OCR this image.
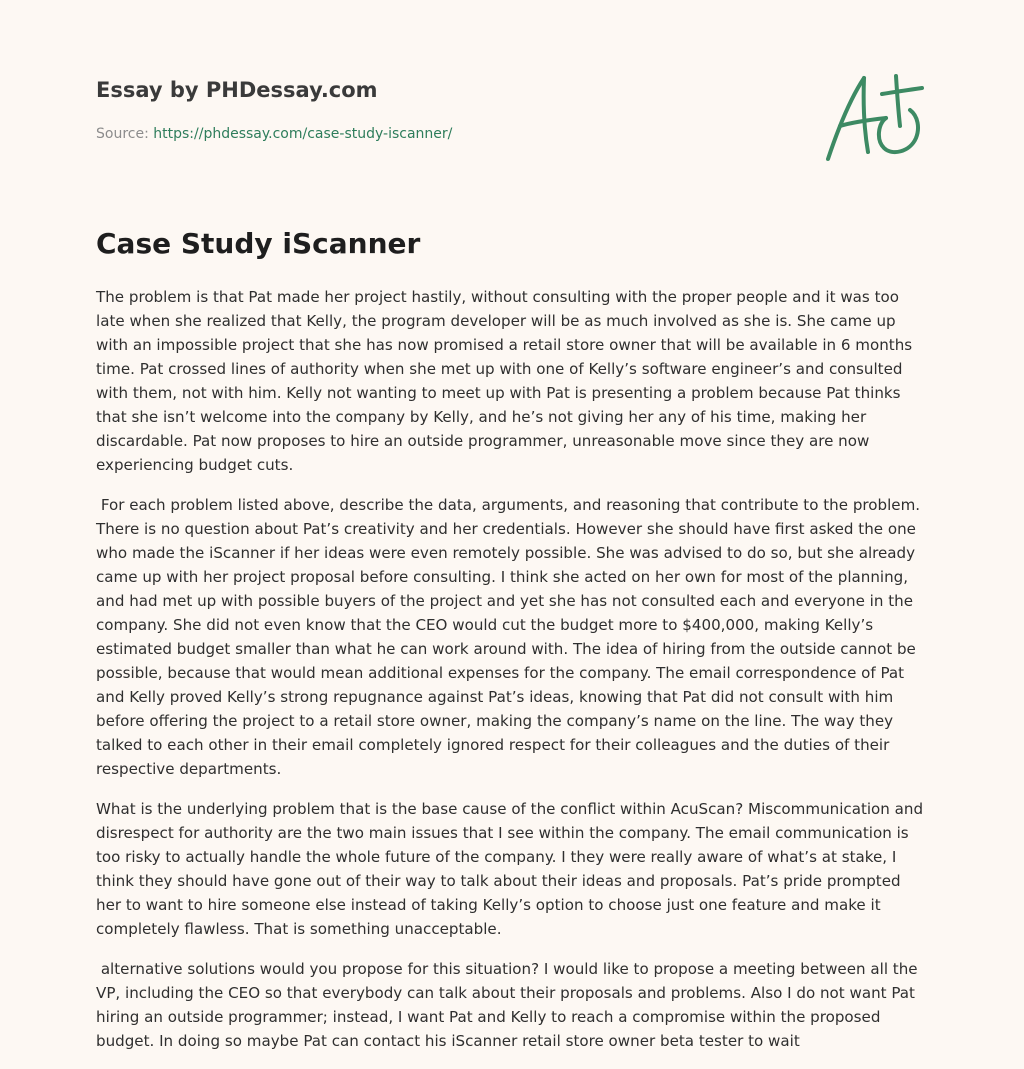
Essay by PHDessay.com
Source: https://phdessay.com/case-study-iscanner/
Case Study iScanner

The problem is that Pat made her project hastily, without consulting with the proper people and it was too late when she realized that Kelly, the program developer will be as much involved as she is. She came up with an impossible project that she has now promised a retail store owner that will be available in 6 months time. Pat crossed lines of authority when she met up with one of Kelly’s software engineer’s and consulted with them, not with him. Kelly not wanting to meet up with Pat is presenting a problem because Pat thinks that she isn’t welcome into the company by Kelly, and he’s not giving her any of his time, making her discardable. Pat now proposes to hire an outside programmer, unreasonable move since they are now experiencing budget cuts.

For each problem listed above, describe the data, arguments, and reasoning that contribute to the problem. There is no question about Pat’s creativity and her credentials. However she should have first asked the one who made the iScanner if her ideas were even remotely possible. She was advised to do so, but she already came up with her project proposal before consulting. I think she acted on her own for most of the planning, and had met up with possible buyers of the project and yet she has not consulted each and everyone in the company. She did not even know that the CEO would cut the budget more to $400,000, making Kelly’s estimated budget smaller than what he can work around with. The idea of hiring from the outside cannot be possible, because that would mean additional expenses for the company. The email correspondence of Pat and Kelly proved Kelly’s strong repugnance against Pat’s ideas, knowing that Pat did not consult with him before offering the project to a retail store owner, making the company’s name on the line. The way they talked to each other in their email completely ignored respect for their colleagues and the duties of their respective departments.

What is the underlying problem that is the base cause of the conflict within AcuScan? Miscommunication and disrespect for authority are the two main issues that I see within the company. The email communication is too risky to actually handle the whole future of the company. I they were really aware of what’s at stake, I think they should have gone out of their way to talk about their ideas and proposals. Pat’s pride prompted her to want to hire someone else instead of taking Kelly’s option to choose just one feature and make it completely flawless. That is something unacceptable.

alternative solutions would you propose for this situation? I would like to propose a meeting between all the VP, including the CEO so that everybody can talk about their proposals and problems. Also I do not want Pat hiring an outside programmer; instead, I want Pat and Kelly to reach a compromise within the proposed budget. In doing so maybe Pat can contact his iScanner retail store owner beta tester to wait
